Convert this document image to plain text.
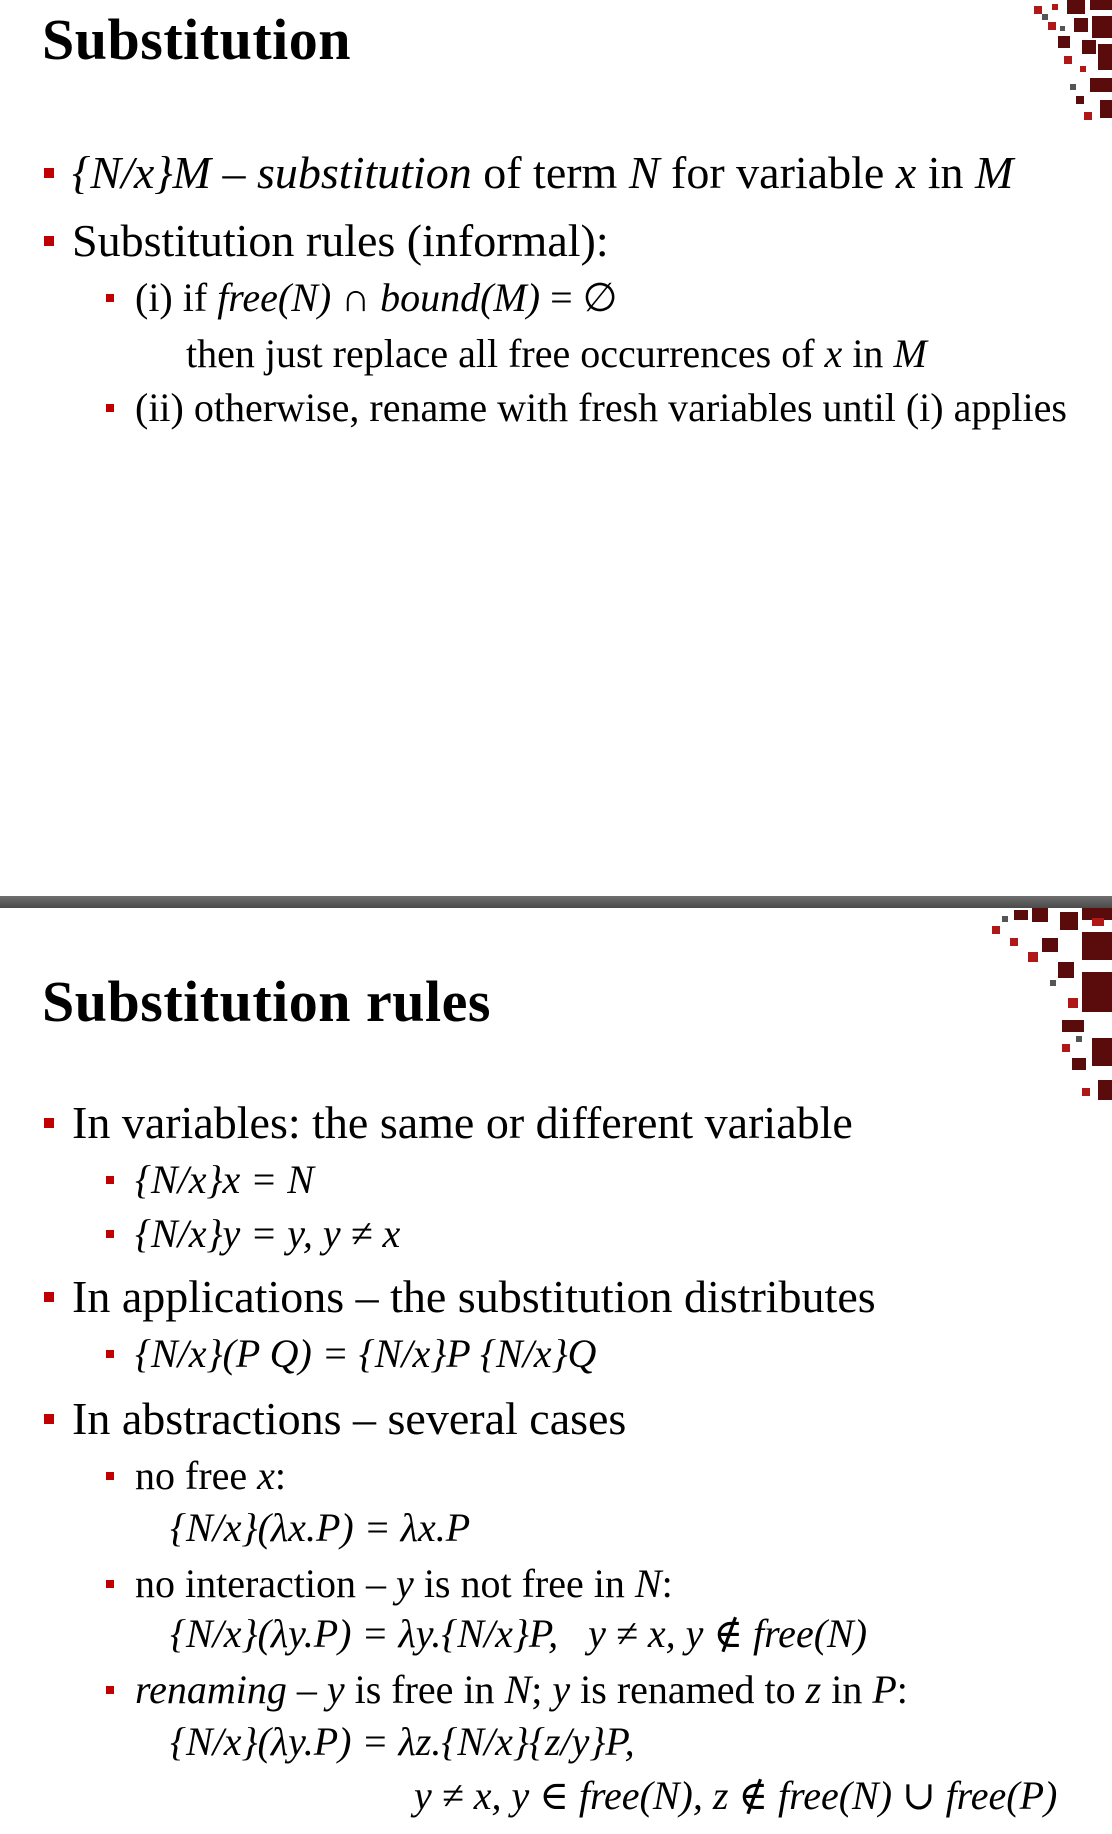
Substitution
{N/x}M – substitution of term N for variable x in M
Substitution rules (informal):
(i) if free(N) ∩ bound(M) = ∅
then just replace all free occurrences of x in M
(ii) otherwise, rename with fresh variables until (i) applies
Substitution rules
In variables: the same or different variable
{N/x}x = N
{N/x}y = y, y ≠ x
In applications – the substitution distributes
{N/x}(P Q) = {N/x}P {N/x}Q
In abstractions – several cases
no free x:
{N/x}(λx.P) = λx.P
no interaction – y is not free in N:
{N/x}(λy.P) = λy.{N/x}P,   y ≠ x, y ∉ free(N)
renaming – y is free in N; y is renamed to z in P:
{N/x}(λy.P) = λz.{N/x}{z/y}P,
y ≠ x, y ∈ free(N), z ∉ free(N) ∪ free(P)
